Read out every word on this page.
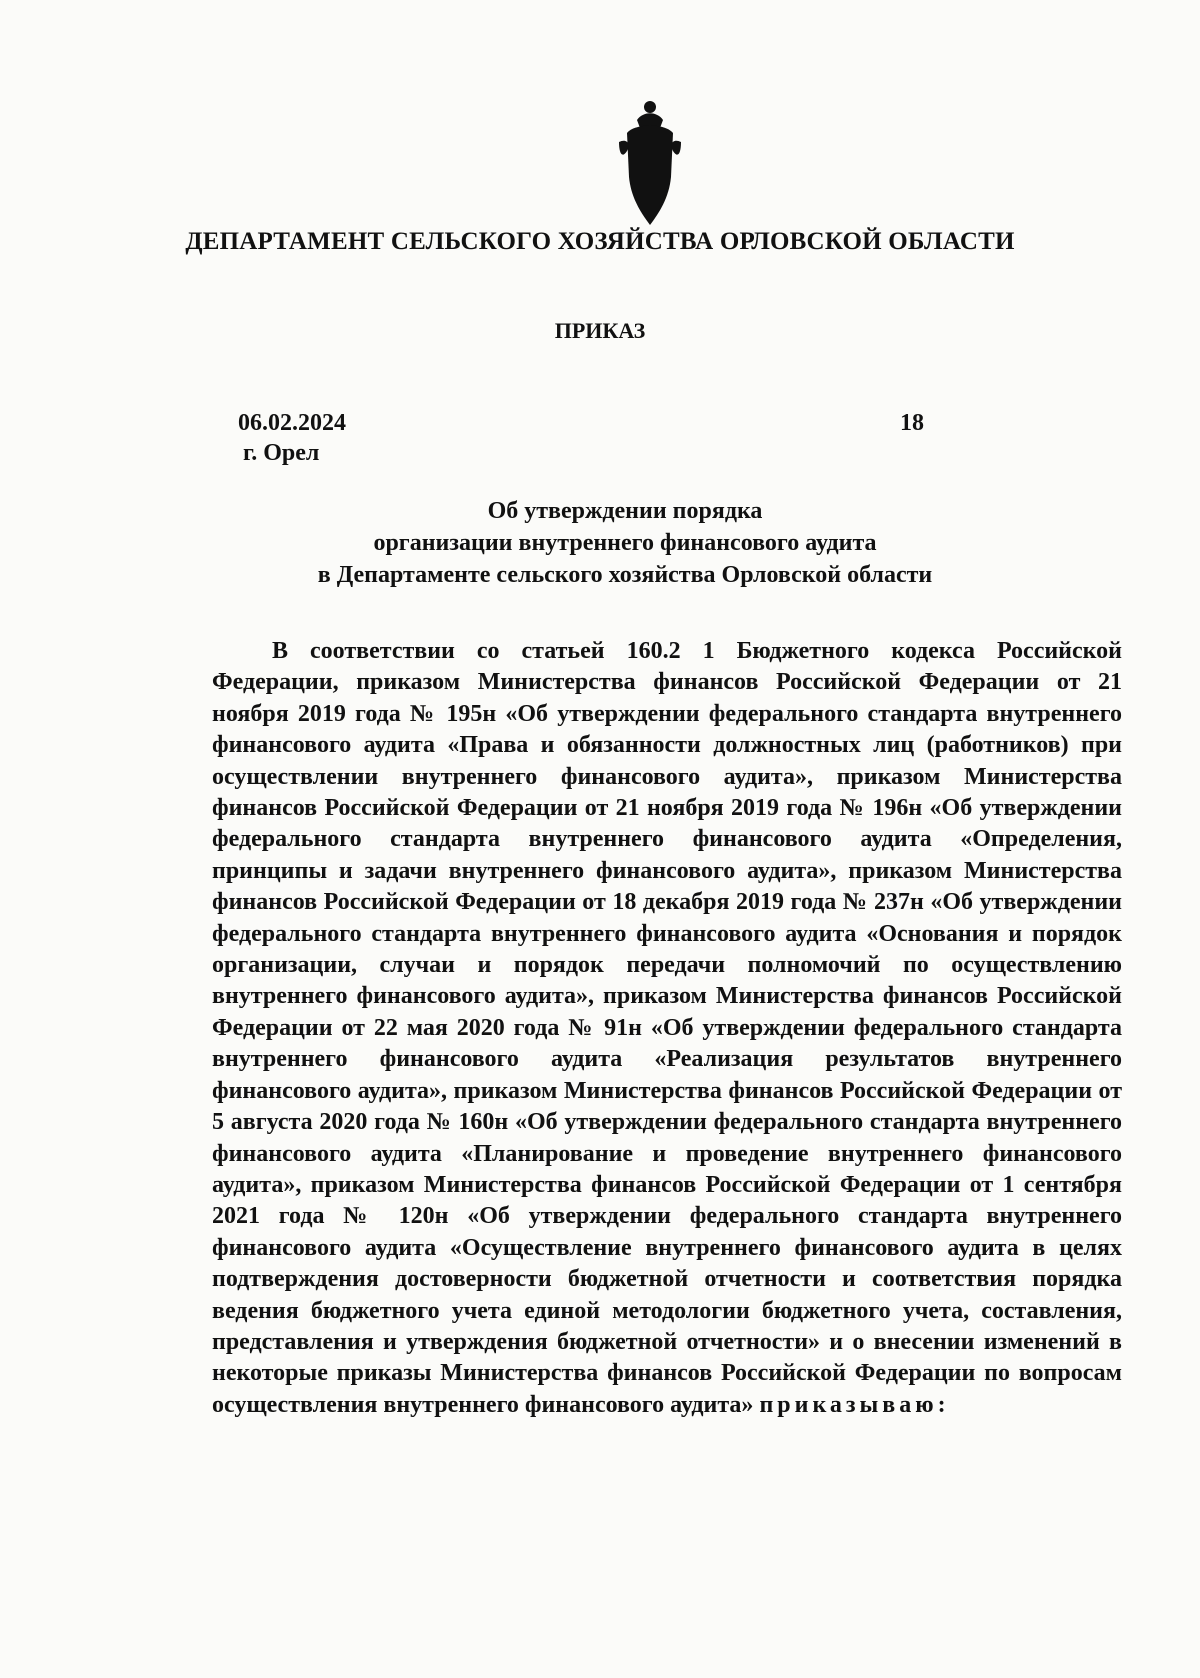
ДЕПАРТАМЕНТ СЕЛЬСКОГО ХОЗЯЙСТВА ОРЛОВСКОЙ ОБЛАСТИ
ПРИКАЗ
06.02.2024
г. Орел
18
Об утверждении порядка
организации внутреннего финансового аудита
в Департаменте сельского хозяйства Орловской области
В соответствии со статьей 160.2 1 Бюджетного кодекса Российской Федерации, приказом Министерства финансов Российской Федерации от 21 ноября 2019 года № 195н «Об утверждении федерального стандарта внутреннего финансового аудита «Права и обязанности должностных лиц (работников) при осуществлении внутреннего финансового аудита», приказом Министерства финансов Российской Федерации от 21 ноября 2019 года № 196н «Об утверждении федерального стандарта внутреннего финансового аудита «Определения, принципы и задачи внутреннего финансового аудита», приказом Министерства финансов Российской Федерации от 18 декабря 2019 года № 237н «Об утверждении федерального стандарта внутреннего финансового аудита «Основания и порядок организации, случаи и порядок передачи полномочий по осуществлению внутреннего финансового аудита», приказом Министерства финансов Российской Федерации от 22 мая 2020 года № 91н «Об утверждении федерального стандарта внутреннего финансового аудита «Реализация результатов внутреннего финансового аудита», приказом Министерства финансов Российской Федерации от 5 августа 2020 года № 160н «Об утверждении федерального стандарта внутреннего финансового аудита «Планирование и проведение внутреннего финансового аудита», приказом Министерства финансов Российской Федерации от 1 сентября 2021 года № 120н «Об утверждении федерального стандарта внутреннего финансового аудита «Осуществление внутреннего финансового аудита в целях подтверждения достоверности бюджетной отчетности и соответствия порядка ведения бюджетного учета единой методологии бюджетного учета, составления, представления и утверждения бюджетной отчетности» и о внесении изменений в некоторые приказы Министерства финансов Российской Федерации по вопросам осуществления внутреннего финансового аудита» приказываю:
